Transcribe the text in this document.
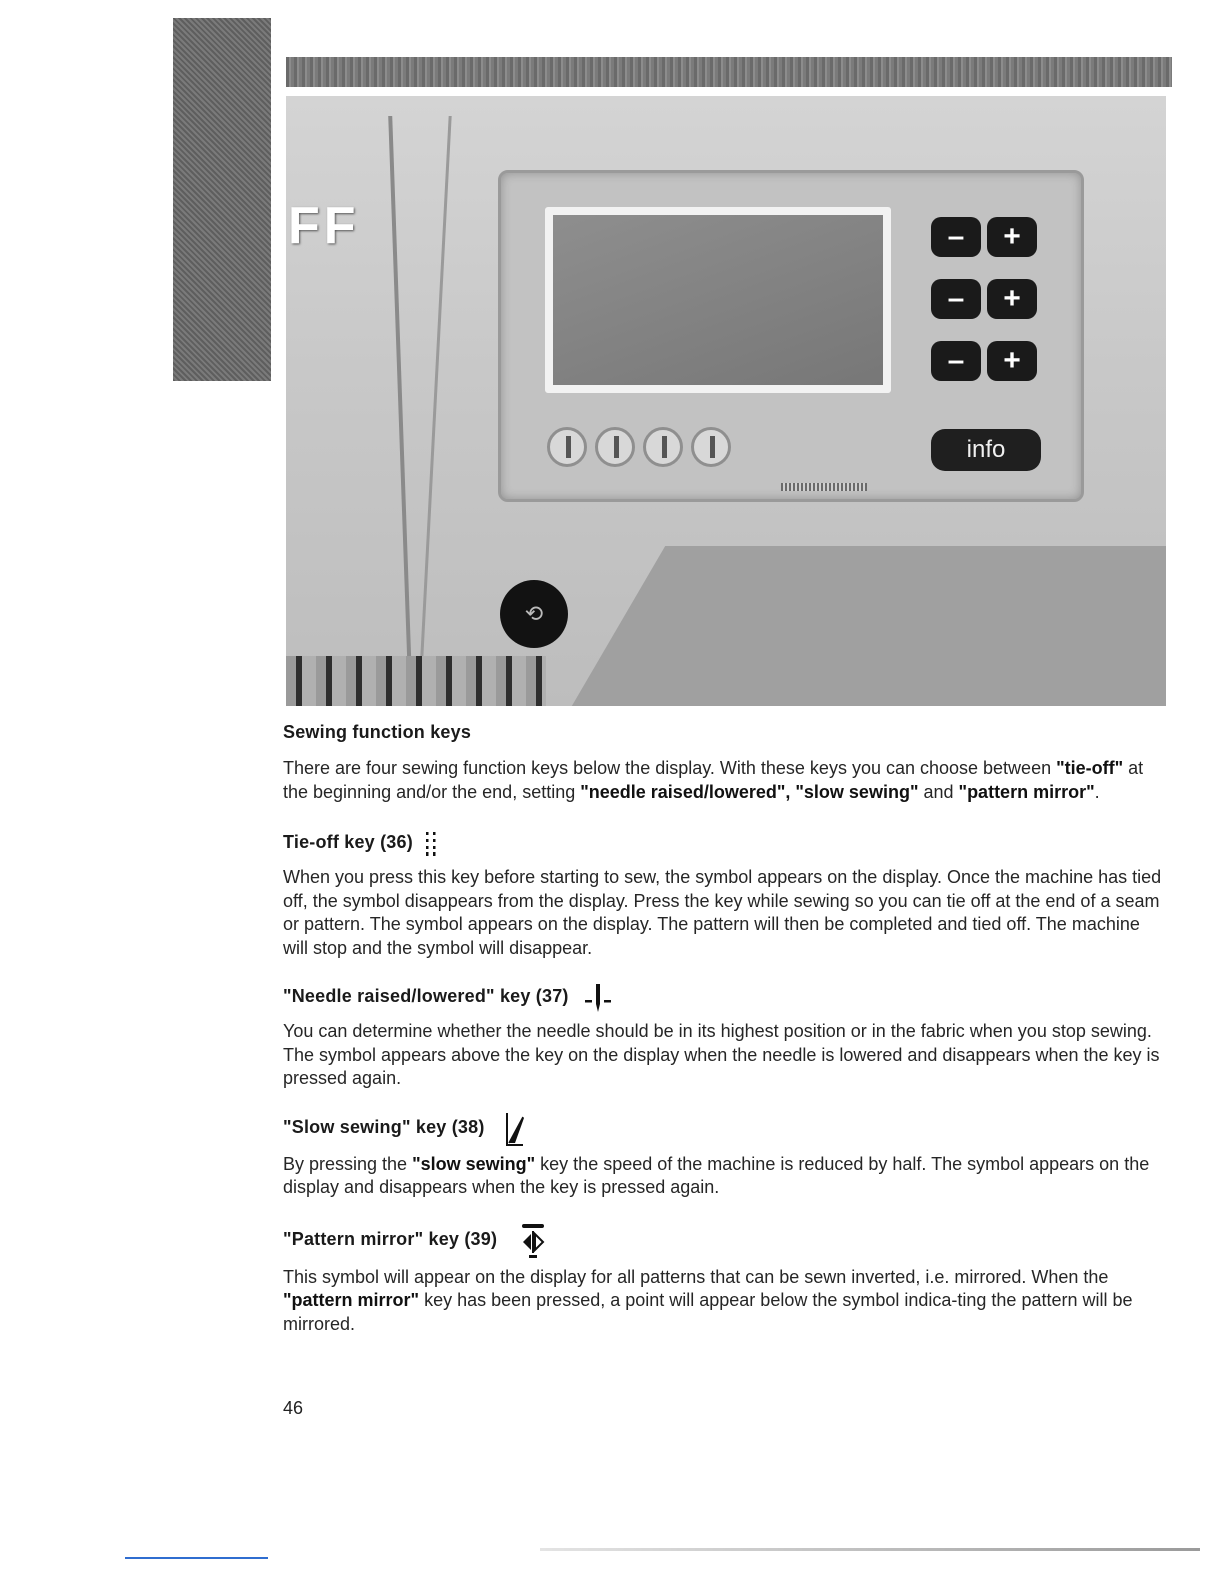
FF	–	+
–	+
–	+
info
⟲
Sewing function keys

There are four sewing function keys below the display. With these keys you can choose between "tie-off" at the beginning and/or the end, setting "needle raised/lowered", "slow sewing" and "pattern mirror".

Tie-off key (36)

When you press this key before starting to sew, the symbol appears on the display. Once the machine has tied off, the symbol disappears from the display. Press the key while sewing so you can tie off at the end of a seam or pattern. The symbol appears on the display. The pattern will then be completed and tied off. The machine will stop and the symbol will disappear.

"Needle raised/lowered" key (37)

You can determine whether the needle should be in its highest position or in the fabric when you stop sewing. The symbol appears above the key on the display when the needle is lowered and disappears when the key is pressed again.

"Slow sewing" key (38)

By pressing the "slow sewing" key the speed of the machine is reduced by half. The symbol appears on the display and disappears when the key is pressed again.

"Pattern mirror" key (39)

This symbol will appear on the display for all patterns that can be sewn inverted, i.e. mirrored. When the "pattern mirror" key has been pressed, a point will appear below the symbol indica-ting the pattern will be mirrored.

46
